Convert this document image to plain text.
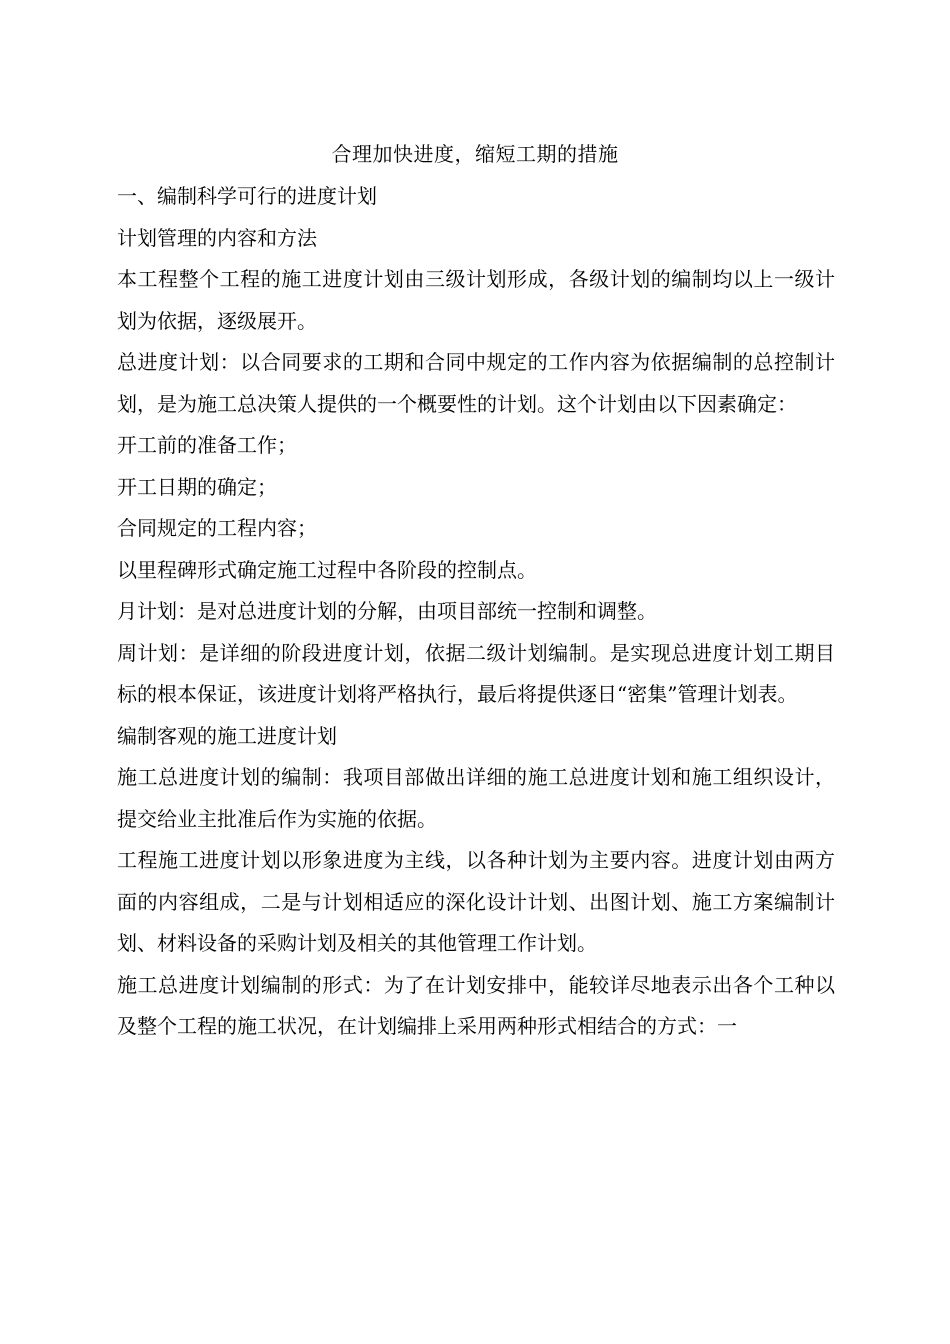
合理加快进度，缩短工期的措施

一、编制科学可行的进度计划

计划管理的内容和方法

本工程整个工程的施工进度计划由三级计划形成，各级计划的编制均以上一级计划为依据，逐级展开。

总进度计划：以合同要求的工期和合同中规定的工作内容为依据编制的总控制计划，是为施工总决策人提供的一个概要性的计划。这个计划由以下因素确定：

开工前的准备工作；

开工日期的确定；

合同规定的工程内容；

以里程碑形式确定施工过程中各阶段的控制点。

月计划：是对总进度计划的分解，由项目部统一控制和调整。

周计划：是详细的阶段进度计划，依据二级计划编制。是实现总进度计划工期目标的根本保证，该进度计划将严格执行，最后将提供逐日“密集”管理计划表。

编制客观的施工进度计划

施工总进度计划的编制：我项目部做出详细的施工总进度计划和施工组织设计，提交给业主批准后作为实施的依据。

工程施工进度计划以形象进度为主线，以各种计划为主要内容。进度计划由两方面的内容组成，二是与计划相适应的深化设计计划、出图计划、施工方案编制计划、材料设备的采购计划及相关的其他管理工作计划。

施工总进度计划编制的形式：为了在计划安排中，能较详尽地表示出各个工种以及整个工程的施工状况，在计划编排上采用两种形式相结合的方式：一
